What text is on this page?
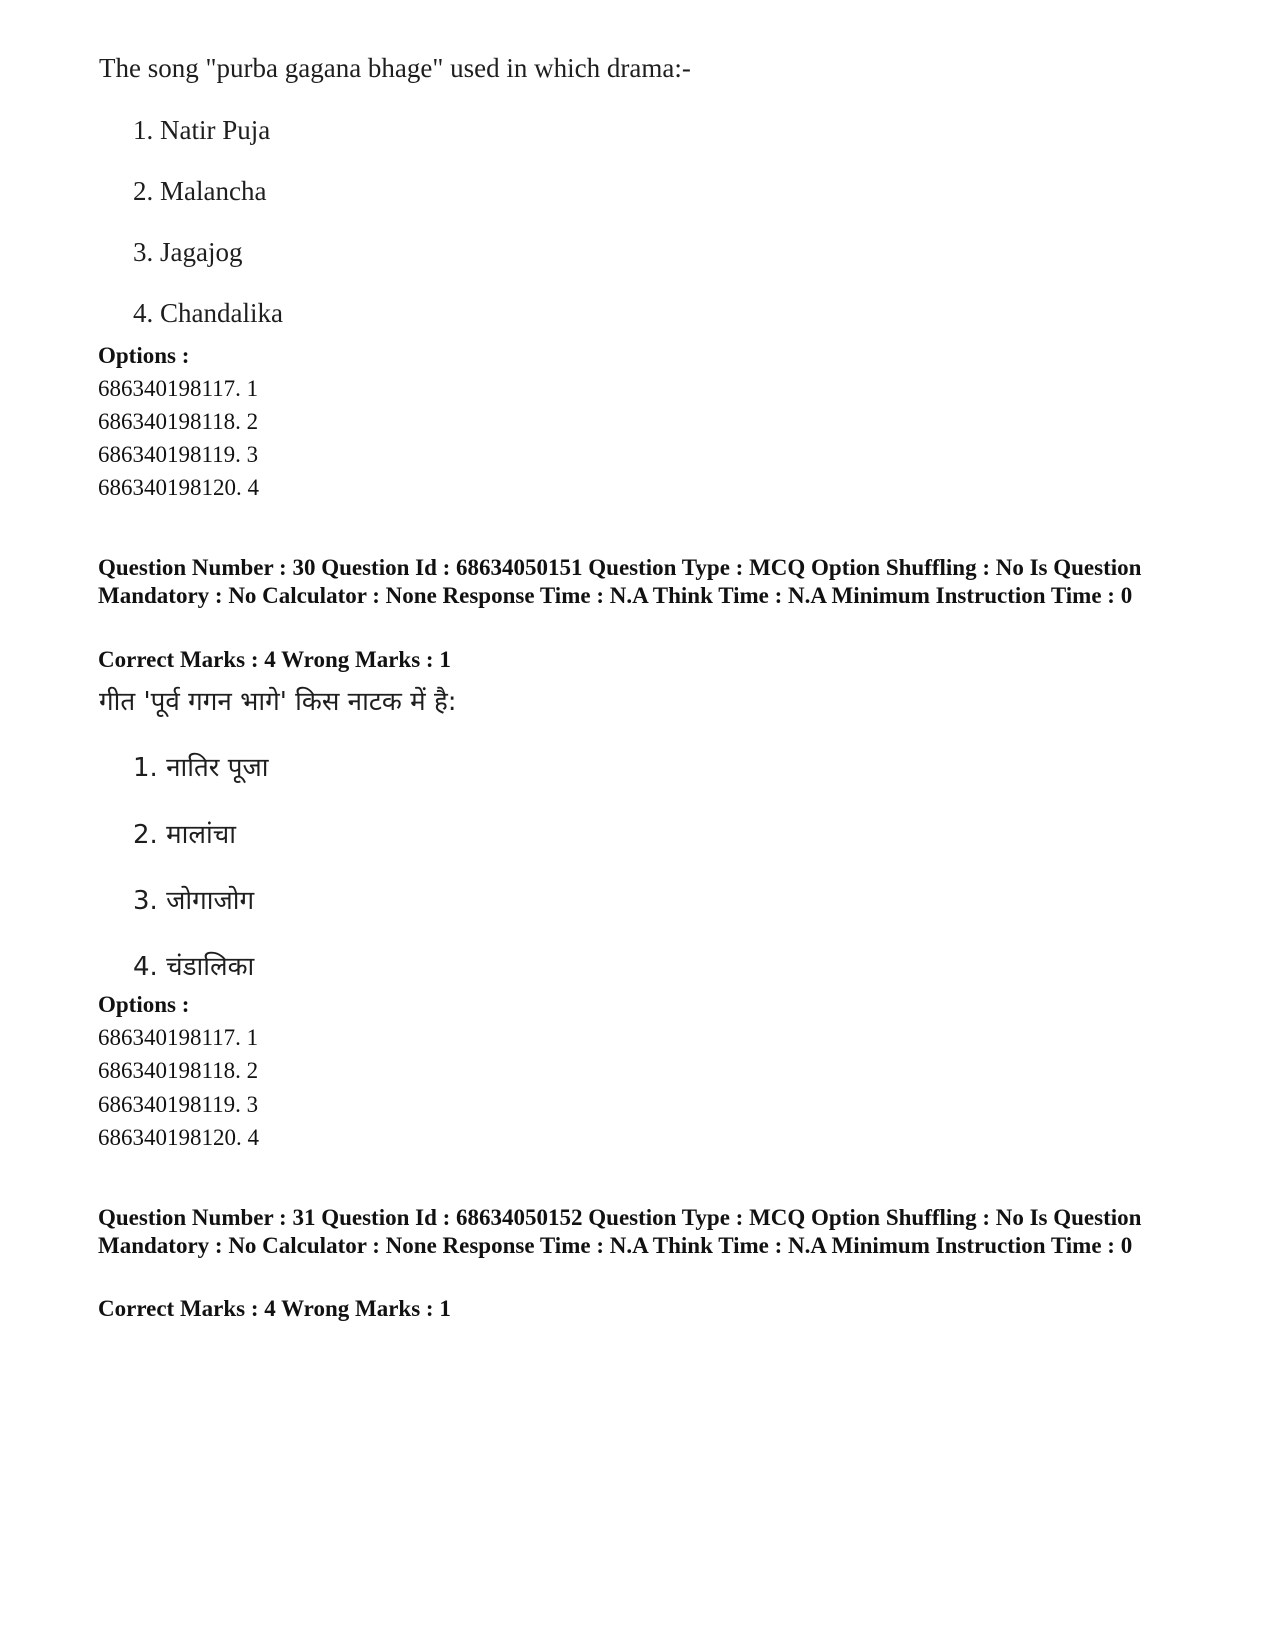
The song "purba gagana bhage" used in which drama:-
1. Natir Puja
2. Malancha
3. Jagajog
4. Chandalika
Options :
686340198117. 1
686340198118. 2
686340198119. 3
686340198120. 4
Question Number : 30 Question Id : 68634050151 Question Type : MCQ Option Shuffling : No Is Question Mandatory : No Calculator : None Response Time : N.A Think Time : N.A Minimum Instruction Time : 0
Correct Marks : 4 Wrong Marks : 1
गीत 'पूर्व गगन भागे' किस नाटक में है:
1. नातिर पूजा
2. मालांचा
3. जोगाजोग
4. चंडालिका
Options :
686340198117. 1
686340198118. 2
686340198119. 3
686340198120. 4
Question Number : 31 Question Id : 68634050152 Question Type : MCQ Option Shuffling : No Is Question Mandatory : No Calculator : None Response Time : N.A Think Time : N.A Minimum Instruction Time : 0
Correct Marks : 4 Wrong Marks : 1
